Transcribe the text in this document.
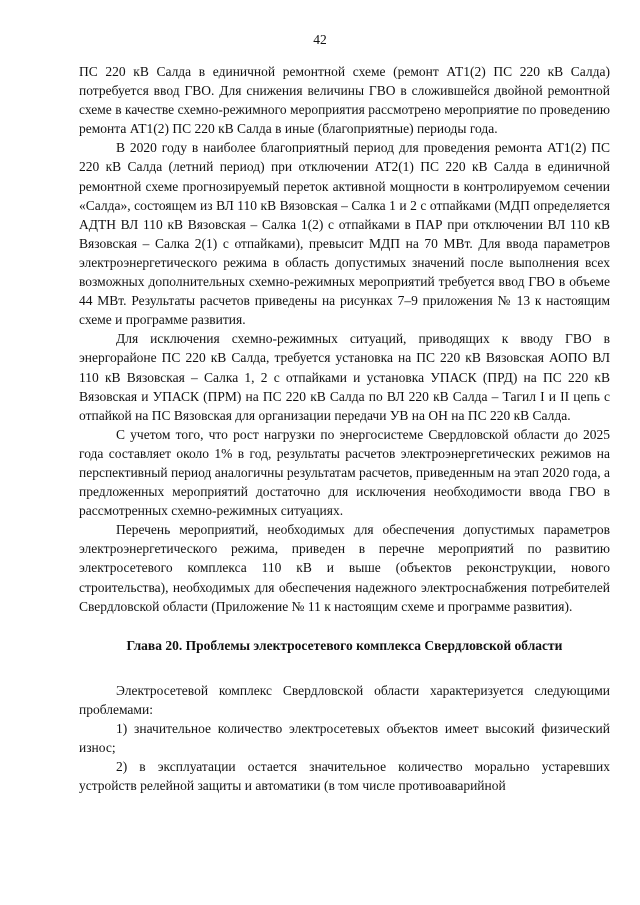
42

ПС 220 кВ Салда в единичной ремонтной схеме (ремонт АТ1(2) ПС 220 кВ Салда) потребуется ввод ГВО. Для снижения величины ГВО в сложившейся двойной ремонтной схеме в качестве схемно-режимного мероприятия рассмотрено мероприятие по проведению ремонта АТ1(2) ПС 220 кВ Салда в иные (благоприятные) периоды года.

В 2020 году в наиболее благоприятный период для проведения ремонта АТ1(2) ПС 220 кВ Салда (летний период) при отключении АТ2(1) ПС 220 кВ Салда в единичной ремонтной схеме прогнозируемый переток активной мощности в контролируемом сечении «Салда», состоящем из ВЛ 110 кВ Вязовская – Салка 1 и 2 с отпайками (МДП определяется АДТН ВЛ 110 кВ Вязовская – Салка 1(2) с отпайками в ПАР при отключении ВЛ 110 кВ Вязовская – Салка 2(1) с отпайками), превысит МДП на 70 МВт. Для ввода параметров электроэнергетического режима в область допустимых значений после выполнения всех возможных дополнительных схемно-режимных мероприятий требуется ввод ГВО в объеме 44 МВт. Результаты расчетов приведены на рисунках 7–9 приложения № 13 к настоящим схеме и программе развития.

Для исключения схемно-режимных ситуаций, приводящих к вводу ГВО в энергорайоне ПС 220 кВ Салда, требуется установка на ПС 220 кВ Вязовская АОПО ВЛ 110 кВ Вязовская – Салка 1, 2 с отпайками и установка УПАСК (ПРД) на ПС 220 кВ Вязовская и УПАСК (ПРМ) на ПС 220 кВ Салда по ВЛ 220 кВ Салда – Тагил I и II цепь с отпайкой на ПС Вязовская для организации передачи УВ на ОН на ПС 220 кВ Салда.

С учетом того, что рост нагрузки по энергосистеме Свердловской области до 2025 года составляет около 1% в год, результаты расчетов электроэнергетических режимов на перспективный период аналогичны результатам расчетов, приведенным на этап 2020 года, а предложенных мероприятий достаточно для исключения необходимости ввода ГВО в рассмотренных схемно-режимных ситуациях.

Перечень мероприятий, необходимых для обеспечения допустимых параметров электроэнергетического режима, приведен в перечне мероприятий по развитию электросетевого комплекса 110 кВ и выше (объектов реконструкции, нового строительства), необходимых для обеспечения надежного электроснабжения потребителей Свердловской области (Приложение № 11 к настоящим схеме и программе развития).

Глава 20. Проблемы электросетевого комплекса Свердловской области

Электросетевой комплекс Свердловской области характеризуется следующими проблемами:

1) значительное количество электросетевых объектов имеет высокий физический износ;

2) в эксплуатации остается значительное количество морально устаревших устройств релейной защиты и автоматики (в том числе противоаварийной
